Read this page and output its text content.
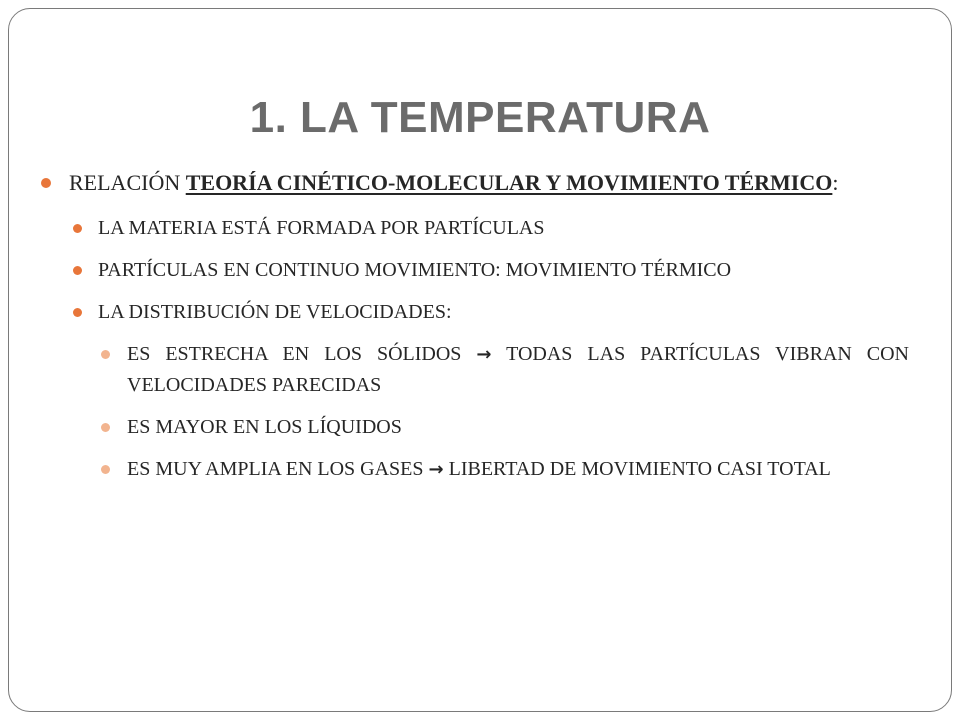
1. LA TEMPERATURA
RELACIÓN TEORÍA CINÉTICO-MOLECULAR Y MOVIMIENTO TÉRMICO:
LA MATERIA ESTÁ FORMADA POR PARTÍCULAS
PARTÍCULAS EN CONTINUO MOVIMIENTO: MOVIMIENTO TÉRMICO
LA DISTRIBUCIÓN DE VELOCIDADES:
ES ESTRECHA EN LOS SÓLIDOS → TODAS LAS PARTÍCULAS VIBRAN CON VELOCIDADES PARECIDAS
ES MAYOR EN LOS LÍQUIDOS
ES MUY AMPLIA EN LOS GASES → LIBERTAD DE MOVIMIENTO CASI TOTAL
